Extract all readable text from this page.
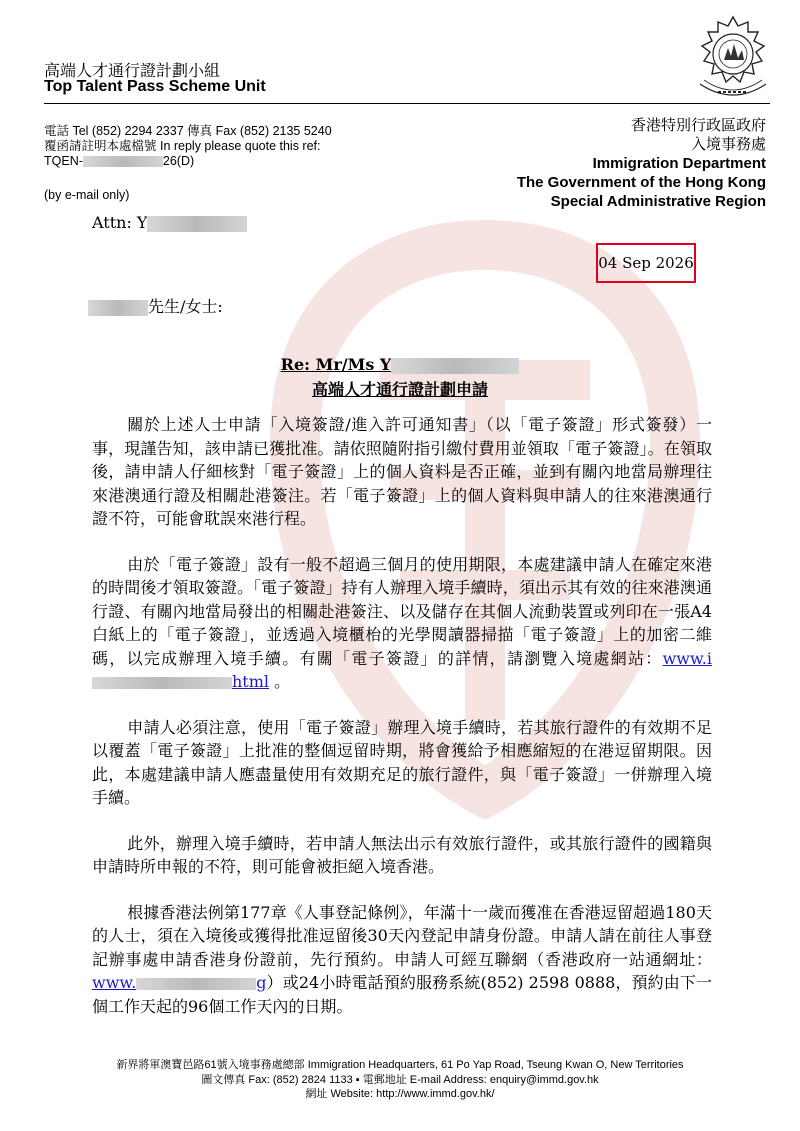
高端人才通行證計劃小組
Top Talent Pass Scheme Unit
電話 Tel (852) 2294 2337 傳真 Fax (852) 2135 5240
覆函請註明本處檔號 In reply please quote this ref:
TQEN-	26(D)
(by e-mail only)
香港特別行政區政府
入境事務處
Immigration Department
The Government of the Hong Kong
Special Administrative Region
Attn: Y
04 Sep 2026
先生/女士:
Re: Mr/Ms Y
高端人才通行證計劃申請

關於上述人士申請「入境簽證/進入許可通知書」（以「電子簽證」形式簽發）一事，現謹告知，該申請已獲批准。請依照隨附指引繳付費用並領取「電子簽證」。在領取後，請申請人仔細核對「電子簽證」上的個人資料是否正確，並到有關內地當局辦理往來港澳通行證及相關赴港簽注。若「電子簽證」上的個人資料與申請人的往來港澳通行證不符，可能會耽誤來港行程。

由於「電子簽證」設有一般不超過三個月的使用期限，本處建議申請人在確定來港的時間後才領取簽證。「電子簽證」持有人辦理入境手續時，須出示其有效的往來港澳通行證、有關內地當局發出的相關赴港簽注、以及儲存在其個人流動裝置或列印在一張A4白紙上的「電子簽證」，並透過入境櫃枱的光學閱讀器掃描「電子簽證」上的加密二維碼，以完成辦理入境手續。有關「電子簽證」的詳情，請瀏覽入境處網站：www.ihtml 。

申請人必須注意，使用「電子簽證」辦理入境手續時，若其旅行證件的有效期不足以覆蓋「電子簽證」上批准的整個逗留時期，將會獲給予相應縮短的在港逗留期限。因此，本處建議申請人應盡量使用有效期充足的旅行證件，與「電子簽證」一併辦理入境手續。

此外，辦理入境手續時，若申請人無法出示有效旅行證件，或其旅行證件的國籍與申請時所申報的不符，則可能會被拒絕入境香港。

根據香港法例第177章《人事登記條例》，年滿十一歲而獲准在香港逗留超過180天的人士，須在入境後或獲得批准逗留後30天內登記申請身份證。申請人請在前往人事登記辦事處申請香港身份證前，先行預約。申請人可經互聯網（香港政府一站通網址：www.	g）或24小時電話預約服務系統(852) 2598 0888，預約由下一個工作天起的96個工作天內的日期。

新界將軍澳寶邑路61號入境事務處總部 Immigration Headquarters, 61 Po Yap Road, Tseung Kwan O, New Territories
圖文傳真 Fax: (852) 2824 1133 ▪ 電郵地址 E-mail Address: enquiry@immd.gov.hk
網址 Website: http://www.immd.gov.hk/
